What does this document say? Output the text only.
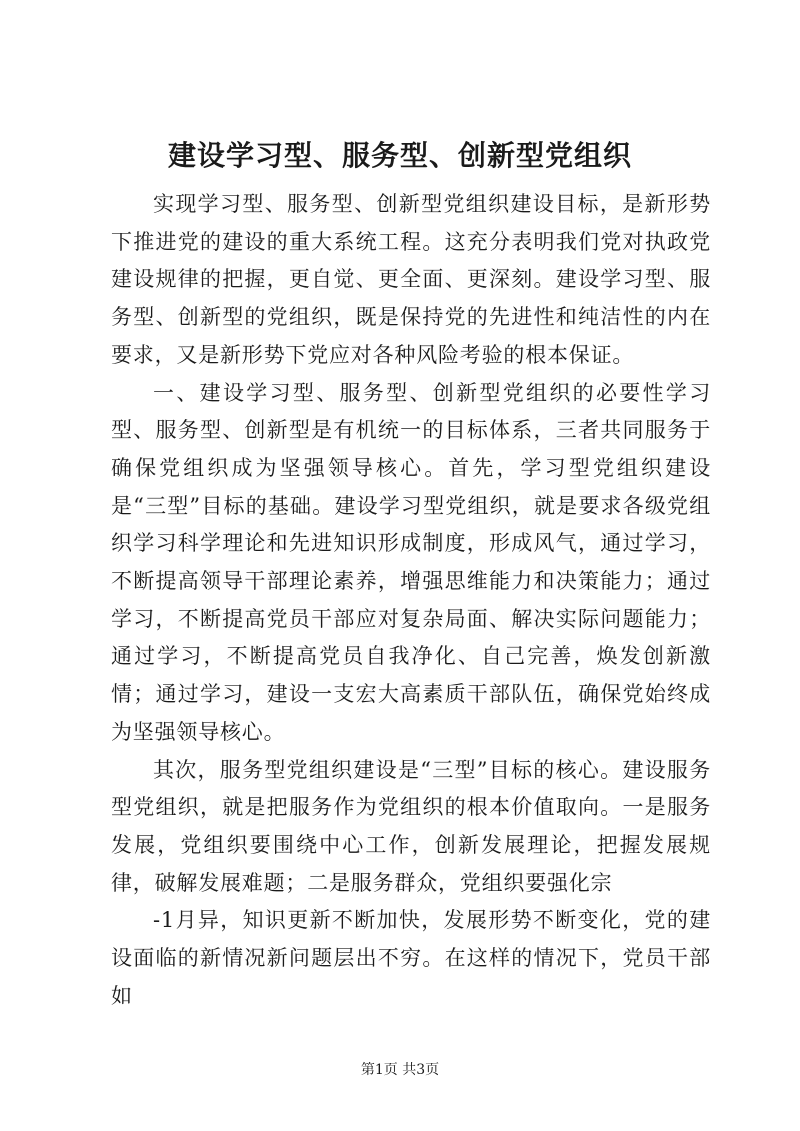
建设学习型、服务型、创新型党组织

实现学习型、服务型、创新型党组织建设目标，是新形势下推进党的建设的重大系统工程。这充分表明我们党对执政党建设规律的把握，更自觉、更全面、更深刻。建设学习型、服务型、创新型的党组织，既是保持党的先进性和纯洁性的内在要求，又是新形势下党应对各种风险考验的根本保证。

一、建设学习型、服务型、创新型党组织的必要性学习型、服务型、创新型是有机统一的目标体系，三者共同服务于确保党组织成为坚强领导核心。首先，学习型党组织建设是“三型”目标的基础。建设学习型党组织，就是要求各级党组织学习科学理论和先进知识形成制度，形成风气，通过学习，不断提高领导干部理论素养，增强思维能力和决策能力；通过学习，不断提高党员干部应对复杂局面、解决实际问题能力；通过学习，不断提高党员自我净化、自己完善，焕发创新激情；通过学习，建设一支宏大高素质干部队伍，确保党始终成为坚强领导核心。

其次，服务型党组织建设是“三型”目标的核心。建设服务型党组织，就是把服务作为党组织的根本价值取向。一是服务发展，党组织要围绕中心工作，创新发展理论，把握发展规律，破解发展难题；二是服务群众，党组织要强化宗

-1月异，知识更新不断加快，发展形势不断变化，党的建设面临的新情况新问题层出不穷。在这样的情况下，党员干部如

第1页 共3页
